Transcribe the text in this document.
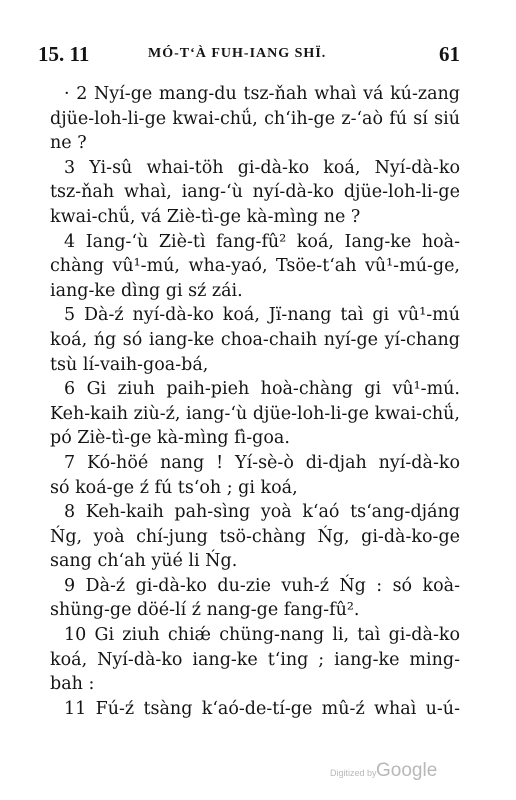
15. 11	MÓ-TʻÀ FUH-IANG SHÏ.	61
· 2 Nyí-ge mang-du tsz-ňah whaì vá kú-zang
djüe-loh-li-ge kwai-chǘ, chʻih-ge z-ʻaò fú sí siú
ne ?
3 Yi-sû whai-töh gi-dà-ko koá, Nyí-dà-ko
tsz-ňah whaì, iang-ʻù nyí-dà-ko djüe-loh-li-ge
kwai-chǘ, vá Ziè-tì-ge kà-mìng ne ?
4 Iang-ʻù Ziè-tì fang-fû² koá, Iang-ke hoà-
chàng vû¹-mú, wha-yaó, Tsöe-tʻah vû¹-mú-ge,
iang-ke dìng gi sź zái.
5 Dà-ź nyí-dà-ko koá, Jï-nang taì gi vû¹-mú
koá, ńg só iang-ke choa-chaih nyí-ge yí-chang
tsù lí-vaih-goa-bá,
6 Gi ziuh paih-pieh hoà-chàng gi vû¹-mú.
Keh-kaih ziù-ź, iang-ʻù djüe-loh-li-ge kwai-chǘ,
pó Ziè-tì-ge kà-mìng fì-goa.
7 Kó-höé nang ! Yí-sè-ò di-djah nyí-dà-ko
só koá-ge ź fú tsʻoh ; gi koá,
8 Keh-kaih pah-sìng yoà kʻaó tsʻang-djáng
Ńg, yoà chí-jung tsö-chàng Ńg, gi-dà-ko-ge
sang chʻah yüé li Ńg.
9 Dà-ź gi-dà-ko du-zie vuh-ź Ńg : só koà-
shüng-ge döé-lí ź nang-ge fang-fû².
10 Gi ziuh chiǽ chüng-nang li, taì gi-dà-ko
koá, Nyí-dà-ko iang-ke tʻing ; iang-ke ming-
bah :
11 Fú-ź tsàng kʻaó-de-tí-ge mû-ź whaì u-ú-
Digitized by Google
